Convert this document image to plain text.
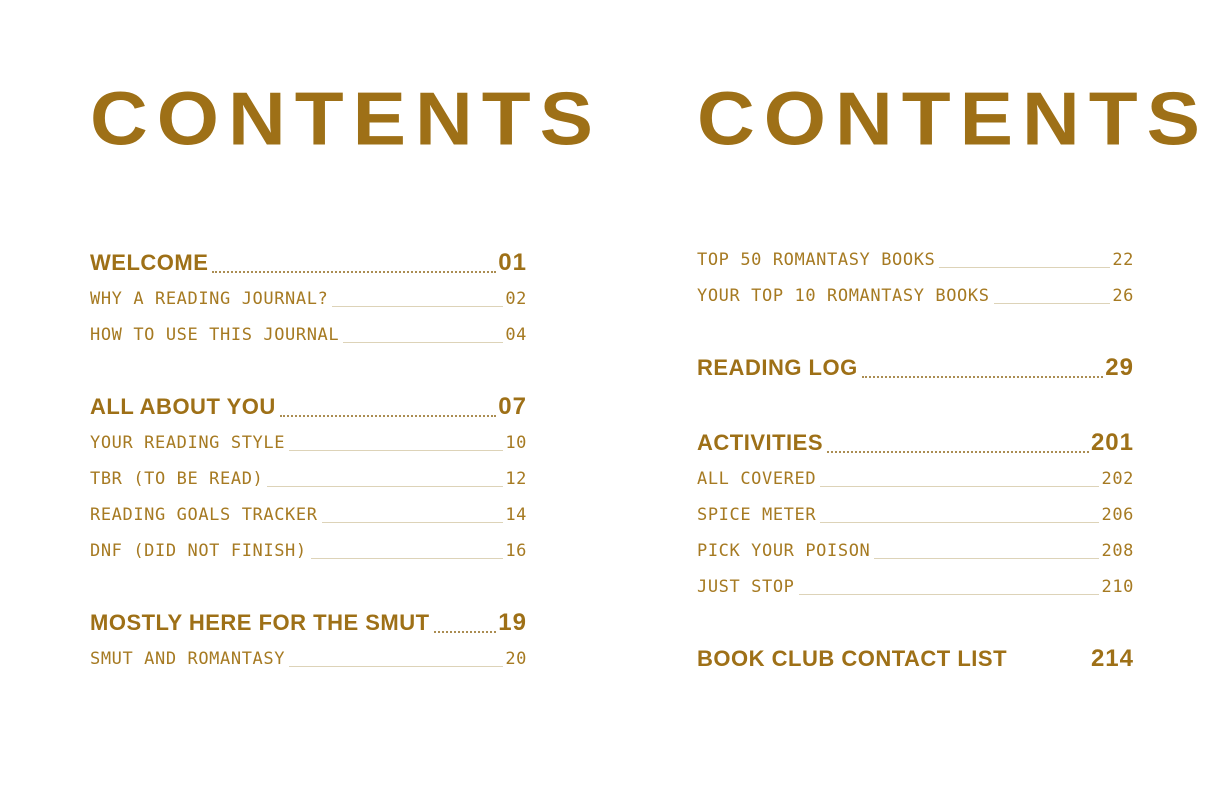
CONTENTS
WELCOME	01
WHY A READING JOURNAL?	02
HOW TO USE THIS JOURNAL	04
ALL ABOUT YOU	07
YOUR READING STYLE	10
TBR (TO BE READ)	12
READING GOALS TRACKER	14
DNF (DID NOT FINISH)	16
MOSTLY HERE FOR THE SMUT	19
SMUT AND ROMANTASY	20
CONTENTS
TOP 50 ROMANTASY BOOKS	22
YOUR TOP 10 ROMANTASY BOOKS	26
READING LOG	29
ACTIVITIES	201
ALL COVERED	202
SPICE METER	206
PICK YOUR POISON	208
JUST STOP	210
BOOK CLUB CONTACT LIST	214
